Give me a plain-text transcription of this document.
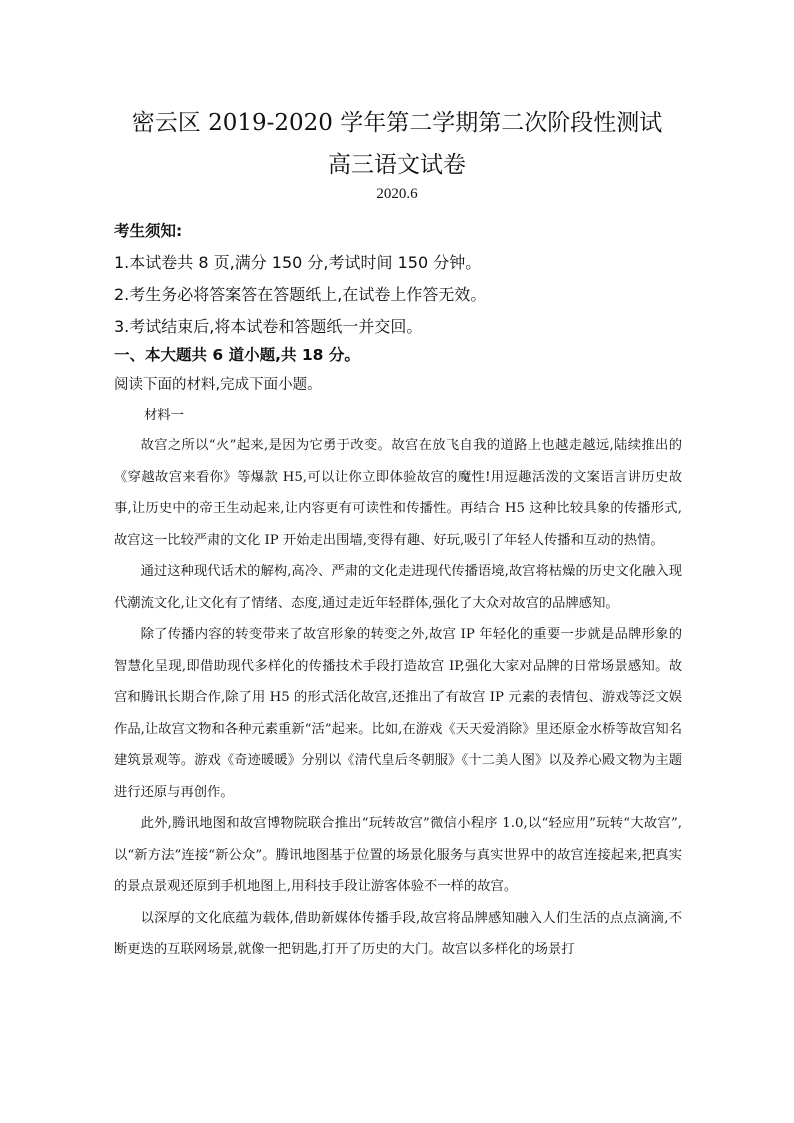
密云区 2019-2020 学年第二学期第二次阶段性测试
高三语文试卷
2020.6
考生须知:
1.本试卷共 8 页,满分 150 分,考试时间 150 分钟。
2.考生务必将答案答在答题纸上,在试卷上作答无效。
3.考试结束后,将本试卷和答题纸一并交回。
一、本大题共 6 道小题,共 18 分。
阅读下面的材料,完成下面小题。
材料一

故宫之所以“火”起来,是因为它勇于改变。故宫在放飞自我的道路上也越走越远,陆续推出的《穿越故宫来看你》等爆款 H5,可以让你立即体验故宫的魔性!用逗趣活泼的文案语言讲历史故事,让历史中的帝王生动起来,让内容更有可读性和传播性。再结合 H5 这种比较具象的传播形式,故宫这一比较严肃的文化 IP 开始走出围墙,变得有趣、好玩,吸引了年轻人传播和互动的热情。

通过这种现代话术的解构,高冷、严肃的文化走进现代传播语境,故宫将枯燥的历史文化融入现代潮流文化,让文化有了情绪、态度,通过走近年轻群体,强化了大众对故宫的品牌感知。

除了传播内容的转变带来了故宫形象的转变之外,故宫 IP 年轻化的重要一步就是品牌形象的智慧化呈现,即借助现代多样化的传播技术手段打造故宫 IP,强化大家对品牌的日常场景感知。故宫和腾讯长期合作,除了用 H5 的形式活化故宫,还推出了有故宫 IP 元素的表情包、游戏等泛文娱作品,让故宫文物和各种元素重新“活”起来。比如,在游戏《天天爱消除》里还原金水桥等故宫知名建筑景观等。游戏《奇迹暖暖》分别以《清代皇后冬朝服》《十二美人图》以及养心殿文物为主题进行还原与再创作。

此外,腾讯地图和故宫博物院联合推出“玩转故宫”微信小程序 1.0,以“轻应用”玩转“大故宫”,以“新方法”连接“新公众”。腾讯地图基于位置的场景化服务与真实世界中的故宫连接起来,把真实的景点景观还原到手机地图上,用科技手段让游客体验不一样的故宫。

以深厚的文化底蕴为载体,借助新媒体传播手段,故宫将品牌感知融入人们生活的点点滴滴,不断更迭的互联网场景,就像一把钥匙,打开了历史的大门。故宫以多样化的场景打
